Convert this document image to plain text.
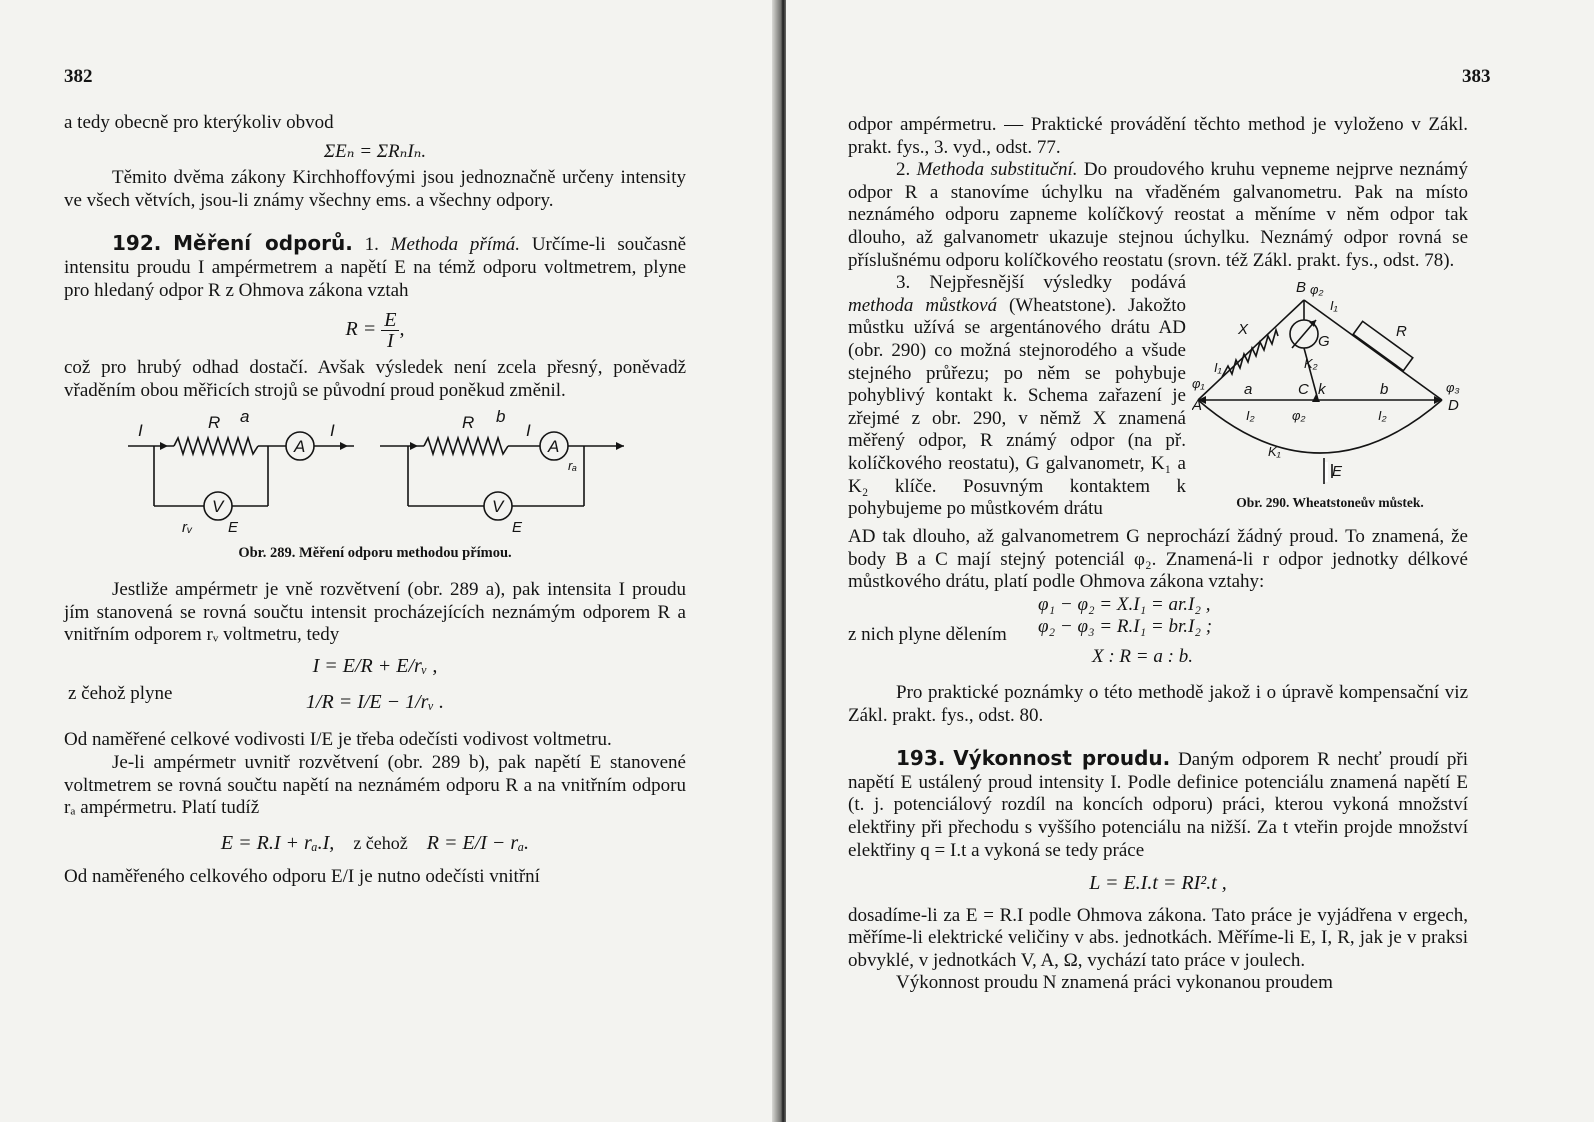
382

a tedy obecně pro kterýkoliv obvod

ΣEₙ = ΣRₙIₙ.

Těmito dvěma zákony Kirchhoffovými jsou jednoznačně určeny intensity ve všech větvích, jsou-li známy všechny ems. a všechny odpory.

192. Měření odporů. 1. Methoda přímá. Určíme-li současně intensitu proudu I ampérmetrem a napětí E na témž odporu voltmetrem, plyne pro hledaný odpor R z Ohmova zákona vztah

$R = \frac{E}{I}$ ,

což pro hrubý odhad dostačí. Avšak výsledek není zcela přesný, poněvadž vřaděním obou měřicích strojů se původní proud poněkud změnil.

I	R a
A
I
V
rᵥ E
R b
I
A
rₐ
V
E

Obr. 289. Měření odporu methodou přímou.

Jestliže ampérmetr je vně rozvětvení (obr. 289 a), pak intensita I proudu jím stanovená se rovná součtu intensit procházejících neznámým odporem R a vnitřním odporem rᵥ voltmetru, tedy

I = E/R + E/rᵥ ,

z čehož plyne	1/R = I/E − 1/rᵥ .

Od naměřené celkové vodivosti I/E je třeba odečísti vodivost voltmetru.

Je-li ampérmetr uvnitř rozvětvení (obr. 289 b), pak napětí E stanovené voltmetrem se rovná součtu napětí na neznámém odporu R a na vnitřním odporu rₐ ampérmetru. Platí tudíž

E = R.I + rₐ.I, z čehož R = E/I − rₐ.

Od naměřeného celkového odporu E/I je nutno odečísti vnitřní

383

odpor ampérmetru. — Praktické provádění těchto method je vyloženo v Zákl. prakt. fys., 3. vyd., odst. 77.

2. Methoda substituční. Do proudového kruhu vepneme nejprve neznámý odpor R a stanovíme úchylku na vřaděném galvanometru. Pak na místo neznámého odporu zapneme kolíčkový reostat a měníme v něm odpor tak dlouho, až galvanometr ukazuje stejnou úchylku. Neznámý odpor rovná se příslušnému odporu kolíčkového reostatu (srovn. též Zákl. prakt. fys., odst. 78).

3. Nejpřesnější výsledky podává methoda můstková (Wheatstone). Jakožto můstku užívá se argentánového drátu AD (obr. 290) co možná stejnorodého a všude stejného průřezu; po něm se pohybuje pohyblivý kontakt k. Schema zařazení je zřejmé z obr. 290, v němž X znamená měřený odpor, R známý odpor (na př. kolíčkového reostatu), G galvanometr, K₁ a K₂ klíče. Posuvným kontaktem k pohybujeme po můstkovém drátu

B φ₂
I₁
X
G
R
K₂
I₁
φ₁
A
a	C k	b	φ₃
D
I₂	φ₂	I₂
K₁
E

Obr. 290. Wheatstoneův můstek.

AD tak dlouho, až galvanometrem G neprochází žádný proud. To znamená, že body B a C mají stejný potenciál φ₂. Znamená-li r odpor jednotky délkové můstkového drátu, platí podle Ohmova zákona vztahy:

φ₁ − φ₂ = X.I₁ = ar.I₂ ,
φ₂ − φ₃ = R.I₁ = br.I₂ ;
z nich plyne dělením
X : R = a : b.

Pro praktické poznámky o této methodě jakož i o úpravě kompensační viz Zákl. prakt. fys., odst. 80.

193. Výkonnost proudu. Daným odporem R nechť proudí při napětí E ustálený proud intensity I. Podle definice potenciálu znamená napětí E (t. j. potenciálový rozdíl na koncích odporu) práci, kterou vykoná množství elektřiny při přechodu s vyššího potenciálu na nižší. Za t vteřin projde množství elektřiny q = I.t a vykoná se tedy práce

L = E.I.t = RI².t ,

dosadíme-li za E = R.I podle Ohmova zákona. Tato práce je vyjádřena v ergech, měříme-li elektrické veličiny v abs. jednotkách. Měříme-li E, I, R, jak je v praksi obvyklé, v jednotkách V, A, Ω, vychází tato práce v joulech.

Výkonnost proudu N znamená práci vykonanou proudem
